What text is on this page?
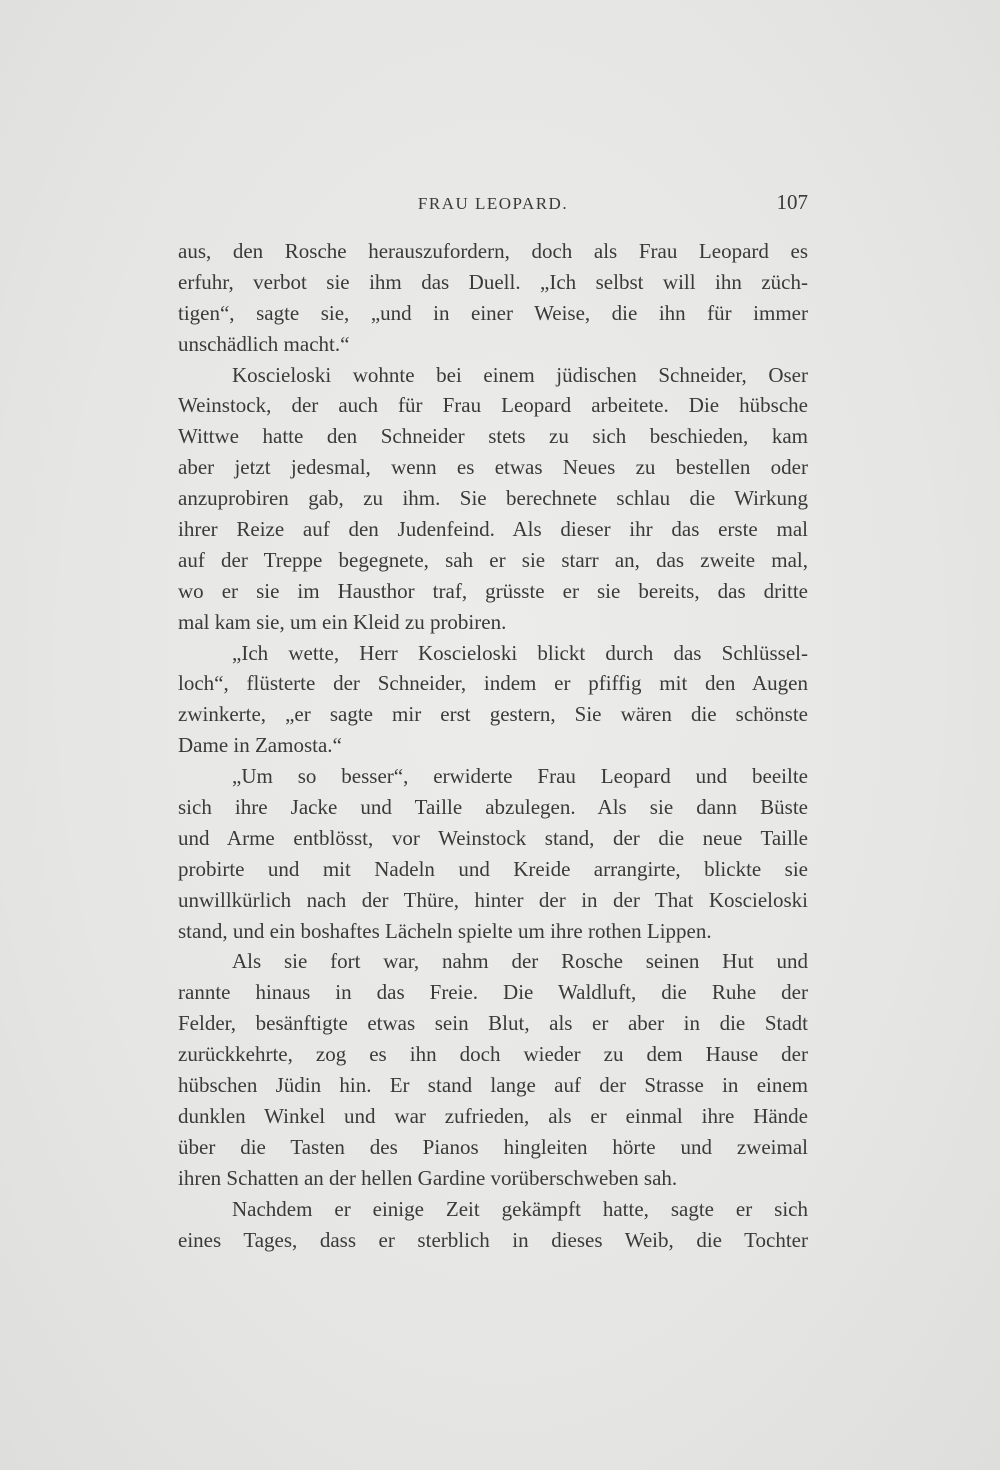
FRAU LEOPARD.	107
aus, den Rosche herauszufordern, doch als Frau Leopard es
erfuhr, verbot sie ihm das Duell. „Ich selbst will ihn züch-
tigen“, sagte sie, „und in einer Weise, die ihn für immer
unschädlich macht.“
Koscieloski wohnte bei einem jüdischen Schneider, Oser
Weinstock, der auch für Frau Leopard arbeitete. Die hübsche
Wittwe hatte den Schneider stets zu sich beschieden, kam
aber jetzt jedesmal, wenn es etwas Neues zu bestellen oder
anzuprobiren gab, zu ihm. Sie berechnete schlau die Wirkung
ihrer Reize auf den Judenfeind. Als dieser ihr das erste mal
auf der Treppe begegnete, sah er sie starr an, das zweite mal,
wo er sie im Hausthor traf, grüsste er sie bereits, das dritte
mal kam sie, um ein Kleid zu probiren.
„Ich wette, Herr Koscieloski blickt durch das Schlüssel-
loch“, flüsterte der Schneider, indem er pfiffig mit den Augen
zwinkerte, „er sagte mir erst gestern, Sie wären die schönste
Dame in Zamosta.“
„Um so besser“, erwiderte Frau Leopard und beeilte
sich ihre Jacke und Taille abzulegen. Als sie dann Büste
und Arme entblösst, vor Weinstock stand, der die neue Taille
probirte und mit Nadeln und Kreide arrangirte, blickte sie
unwillkürlich nach der Thüre, hinter der in der That Koscieloski
stand, und ein boshaftes Lächeln spielte um ihre rothen Lippen.
Als sie fort war, nahm der Rosche seinen Hut und
rannte hinaus in das Freie. Die Waldluft, die Ruhe der
Felder, besänftigte etwas sein Blut, als er aber in die Stadt
zurückkehrte, zog es ihn doch wieder zu dem Hause der
hübschen Jüdin hin. Er stand lange auf der Strasse in einem
dunklen Winkel und war zufrieden, als er einmal ihre Hände
über die Tasten des Pianos hingleiten hörte und zweimal
ihren Schatten an der hellen Gardine vorüberschweben sah.
Nachdem er einige Zeit gekämpft hatte, sagte er sich
eines Tages, dass er sterblich in dieses Weib, die Tochter
